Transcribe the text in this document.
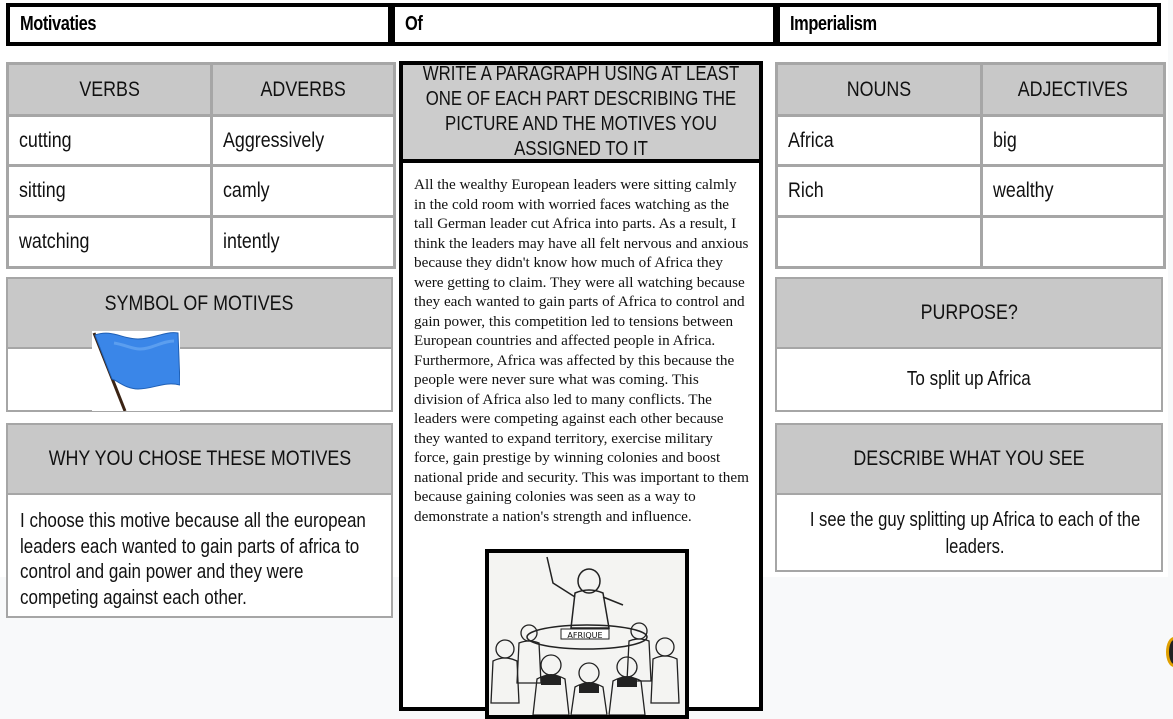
Motivaties	Of	Imperialism
VERBS	ADVERBS
cutting	Aggressively
sitting	camly
watching	intently
NOUNS	ADJECTIVES
Africa	big
Rich	wealthy

SYMBOL OF MOTIVES
WHY YOU CHOSE THESE MOTIVES
I choose this motive because all the european leaders each wanted to gain parts of africa to control and gain power and they were competing against each other.
PURPOSE?
To split up Africa
DESCRIBE WHAT YOU SEE
I see the guy splitting up Africa to each of the leaders.
WRITE A PARAGRAPH USING AT LEAST ONE OF EACH PART DESCRIBING THE PICTURE AND THE MOTIVES YOU ASSIGNED TO IT
All the wealthy European leaders were sitting calmly in the cold room with worried faces watching as the tall German leader cut Africa into parts. As a result, I think the leaders may have all felt nervous and anxious because they didn't know how much of Africa they were getting to claim. They were all watching because they each wanted to gain parts of Africa to control and gain power, this competition led to tensions between European countries and affected people in Africa. Furthermore, Africa was affected by this because the people were never sure what was coming. This division of Africa also led to many conflicts. The leaders were competing against each other because they wanted to expand territory, exercise military force, gain prestige by winning colonies and boost national pride and security. This was important to them because gaining colonies was seen as a way to demonstrate a nation's strength and influence.
AFRIQUE
